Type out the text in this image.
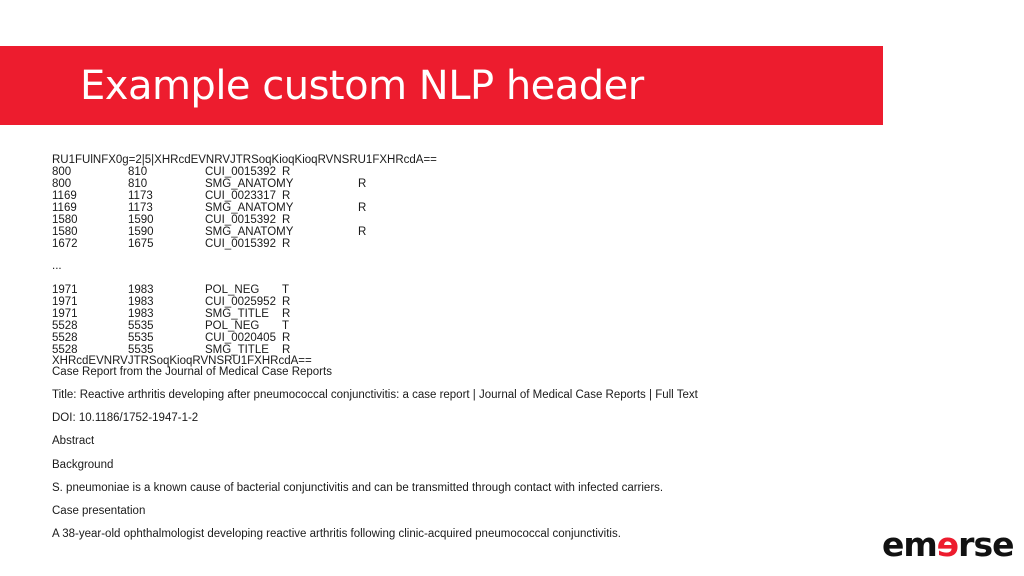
Example custom NLP header
RU1FUlNFX0g=2|5|XHRcdEVNRVJTRSoqKioqKioqRVNSRU1FXHRcdA==
800	810	CUI_0015392 R
800	810	SMG_ANATOMY	R
1169	1173	CUI_0023317 R
1169	1173	SMG_ANATOMY	R
1580	1590	CUI_0015392 R
1580	1590	SMG_ANATOMY	R
1672	1675	CUI_0015392 R
...
1971	1983	POL_NEG T
1971	1983	CUI_0025952 R
1971	1983	SMG_TITLE R
5528	5535	POL_NEG T
5528	5535	CUI_0020405 R
5528	5535	SMG_TITLE R
XHRcdEVNRVJTRSoqKioqRVNSRU1FXHRcdA==
Case Report from the Journal of Medical Case Reports
Title: Reactive arthritis developing after pneumococcal conjunctivitis: a case report | Journal of Medical Case Reports | Full Text
DOI: 10.1186/1752-1947-1-2
Abstract
Background
S. pneumoniae is a known cause of bacterial conjunctivitis and can be transmitted through contact with infected carriers.
Case presentation
A 38-year-old ophthalmologist developing reactive arthritis following clinic-acquired pneumococcal conjunctivitis.	emɘrse
